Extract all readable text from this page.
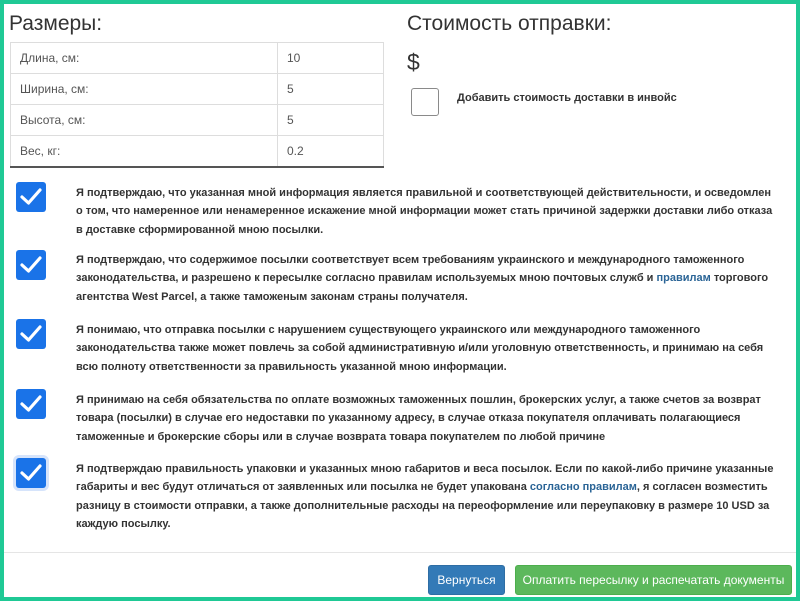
Размеры:
Длина, см:	10
Ширина, см:	5
Высота, см:	5
Вес, кг:	0.2
Стоимость отправки:
$
Добавить стоимость доставки в инвойс

Я подтверждаю, что указанная мной информация является правильной и соответствующей действительности, и осведомлен о том, что намеренное или ненамеренное искажение мной информации может стать причиной задержки доставки либо отказа в доставке сформированной мною посылки.

Я подтверждаю, что содержимое посылки соответствует всем требованиям украинского и международного таможенного законодательства, и разрешено к пересылке согласно правилам используемых мною почтовых служб и правилам торгового агентства West Parcel, а также таможеным законам страны получателя.

Я понимаю, что отправка посылки с нарушением существующего украинского или международного таможенного законодательства также может повлечь за собой административную и/или уголовную ответственность, и принимаю на себя всю полноту ответственности за правильность указанной мною информации.

Я принимаю на себя обязательства по оплате возможных таможенных пошлин, брокерских услуг, а также счетов за возврат товара (посылки) в случае его недоставки по указанному адресу, в случае отказа покупателя оплачивать полагающиеся таможенные и брокерские сборы или в случае возврата товара покупателем по любой причине

Я подтверждаю правильность упаковки и указанных мною габаритов и веса посылок. Если по какой-либо причине указанные габариты и вес будут отличаться от заявленных или посылка не будет упакована согласно правилам, я согласен возместить разницу в стоимости отправки, а также дополнительные расходы на переоформление или переупаковку в размере 10 USD за каждую посылку.

Вернуться	Оплатить пересылку и распечатать документы
